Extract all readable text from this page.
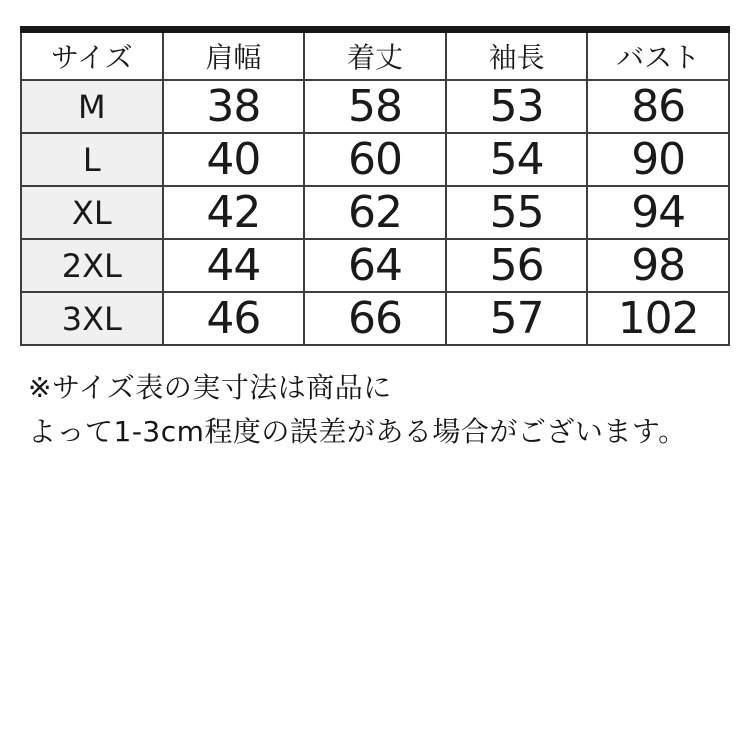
サイズ	肩幅	着丈	袖長	バスト
M	38	58	53	86
L	40	60	54	90
XL	42	62	55	94
2XL	44	64	56	98
3XL	46	66	57	102
※サイズ表の実寸法は商品に
よって1-3cm程度の誤差がある場合がございます。
